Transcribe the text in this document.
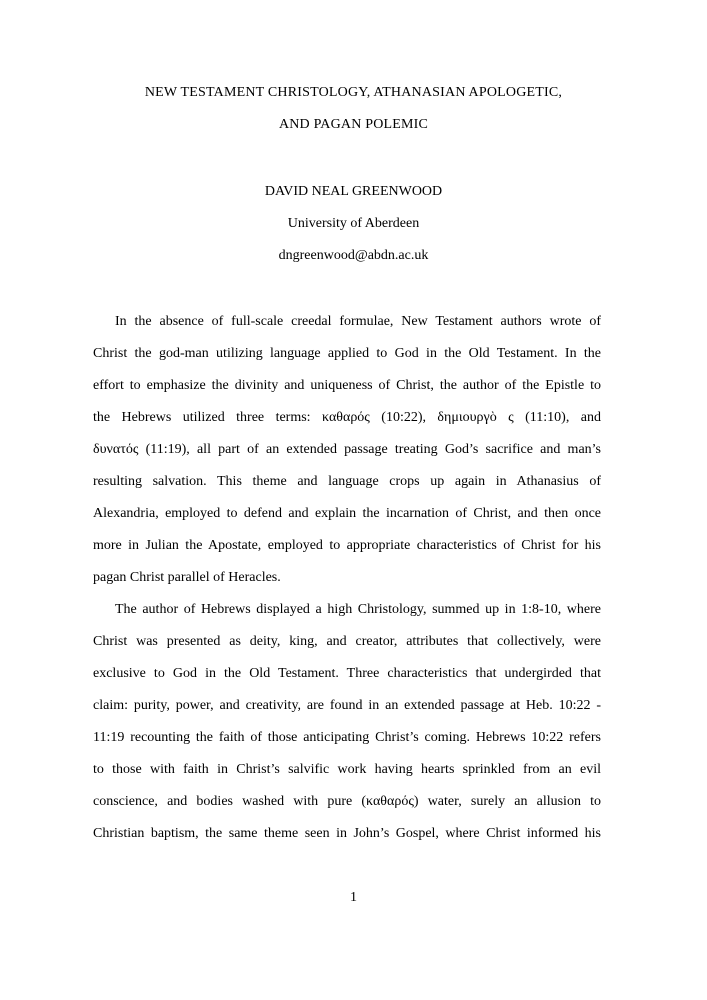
NEW TESTAMENT CHRISTOLOGY, ATHANASIAN APOLOGETIC,
AND PAGAN POLEMIC
DAVID NEAL GREENWOOD
University of Aberdeen
dngreenwood@abdn.ac.uk
In the absence of full-scale creedal formulae, New Testament authors wrote of
Christ the god-man utilizing language applied to God in the Old Testament. In the
effort to emphasize the divinity and uniqueness of Christ, the author of the Epistle to
the Hebrews utilized three terms: καθαρός (10:22), δημιουργὸ ς (11:10), and
δυνατός (11:19), all part of an extended passage treating God’s sacrifice and man’s
resulting salvation. This theme and language crops up again in Athanasius of
Alexandria, employed to defend and explain the incarnation of Christ, and then once
more in Julian the Apostate, employed to appropriate characteristics of Christ for his
pagan Christ parallel of Heracles.
The author of Hebrews displayed a high Christology, summed up in 1:8-10, where
Christ was presented as deity, king, and creator, attributes that collectively, were
exclusive to God in the Old Testament. Three characteristics that undergirded that
claim: purity, power, and creativity, are found in an extended passage at Heb. 10:22 -
11:19 recounting the faith of those anticipating Christ’s coming. Hebrews 10:22 refers
to those with faith in Christ’s salvific work having hearts sprinkled from an evil
conscience, and bodies washed with pure (καθαρός) water, surely an allusion to
Christian baptism, the same theme seen in John’s Gospel, where Christ informed his
1
